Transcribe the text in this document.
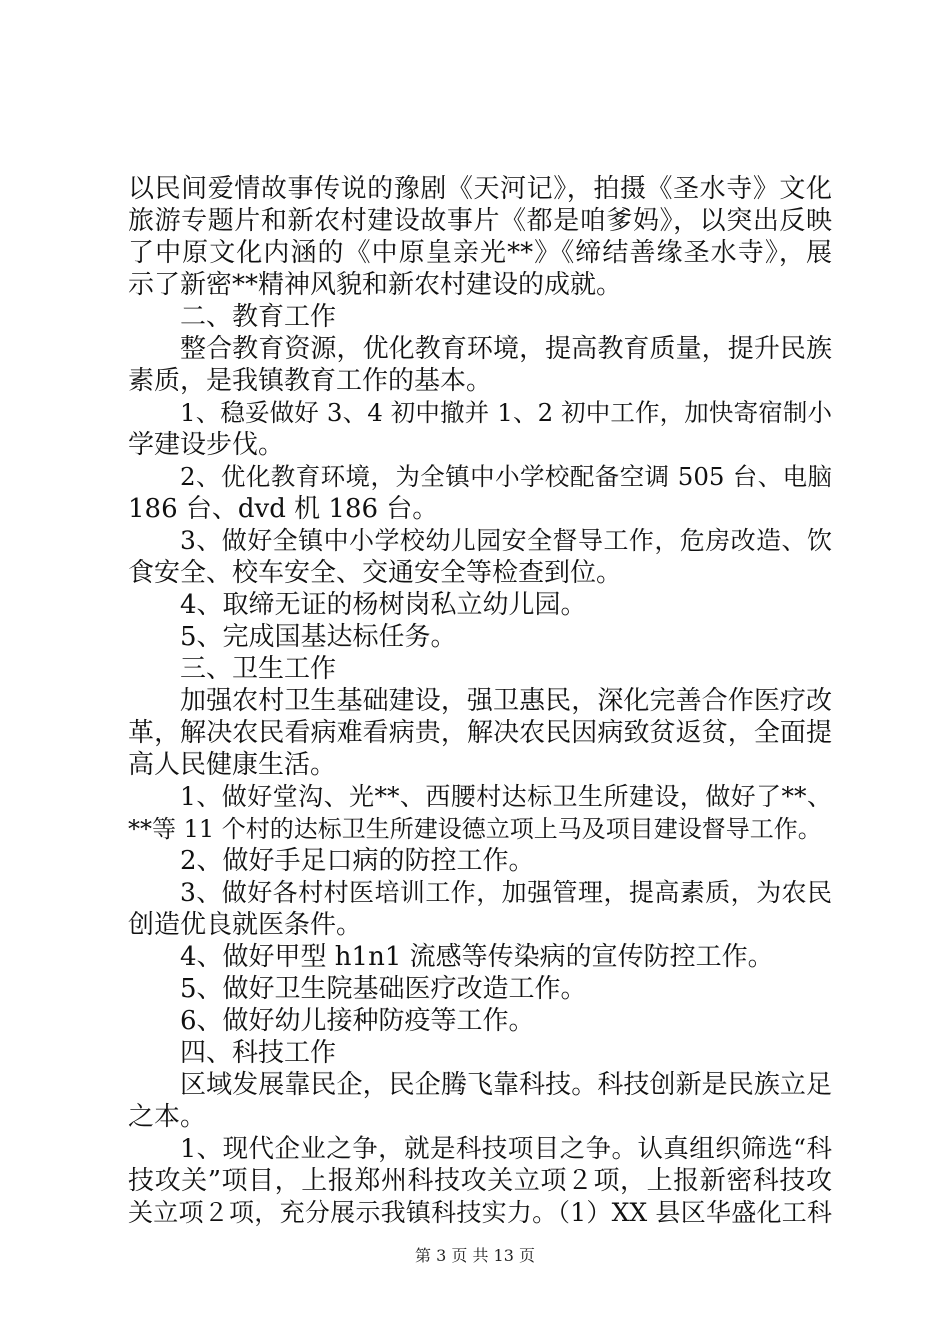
以民间爱情故事传说的豫剧《天河记》，拍摄《圣水寺》文化
旅游专题片和新农村建设故事片《都是咱爹妈》，以突出反映
了中原文化内涵的《中原皇亲光**》《缔结善缘圣水寺》，展
示了新密**精神风貌和新农村建设的成就。
二、教育工作
整合教育资源，优化教育环境，提高教育质量，提升民族
素质，是我镇教育工作的基本。
1、稳妥做好 3、4 初中撤并 1、2 初中工作，加快寄宿制小
学建设步伐。
2、优化教育环境，为全镇中小学校配备空调 505 台、电脑
186 台、dvd 机 186 台。
3、做好全镇中小学校幼儿园安全督导工作，危房改造、饮
食安全、校车安全、交通安全等检查到位。
4、取缔无证的杨树岗私立幼儿园。
5、完成国基达标任务。
三、卫生工作
加强农村卫生基础建设，强卫惠民，深化完善合作医疗改
革，解决农民看病难看病贵，解决农民因病致贫返贫，全面提
高人民健康生活。
1、做好堂沟、光**、西腰村达标卫生所建设，做好了**、
**等 11 个村的达标卫生所建设德立项上马及项目建设督导工作。
2、做好手足口病的防控工作。
3、做好各村村医培训工作，加强管理，提高素质，为农民
创造优良就医条件。
4、做好甲型 h1n1 流感等传染病的宣传防控工作。
5、做好卫生院基础医疗改造工作。
6、做好幼儿接种防疫等工作。
四、科技工作
区域发展靠民企，民企腾飞靠科技。科技创新是民族立足
之本。
1、现代企业之争，就是科技项目之争。认真组织筛选“科
技攻关”项目，上报郑州科技攻关立项２项，上报新密科技攻
关立项２项，充分展示我镇科技实力。（1）XX 县区华盛化工科
第 3 页 共 13 页
